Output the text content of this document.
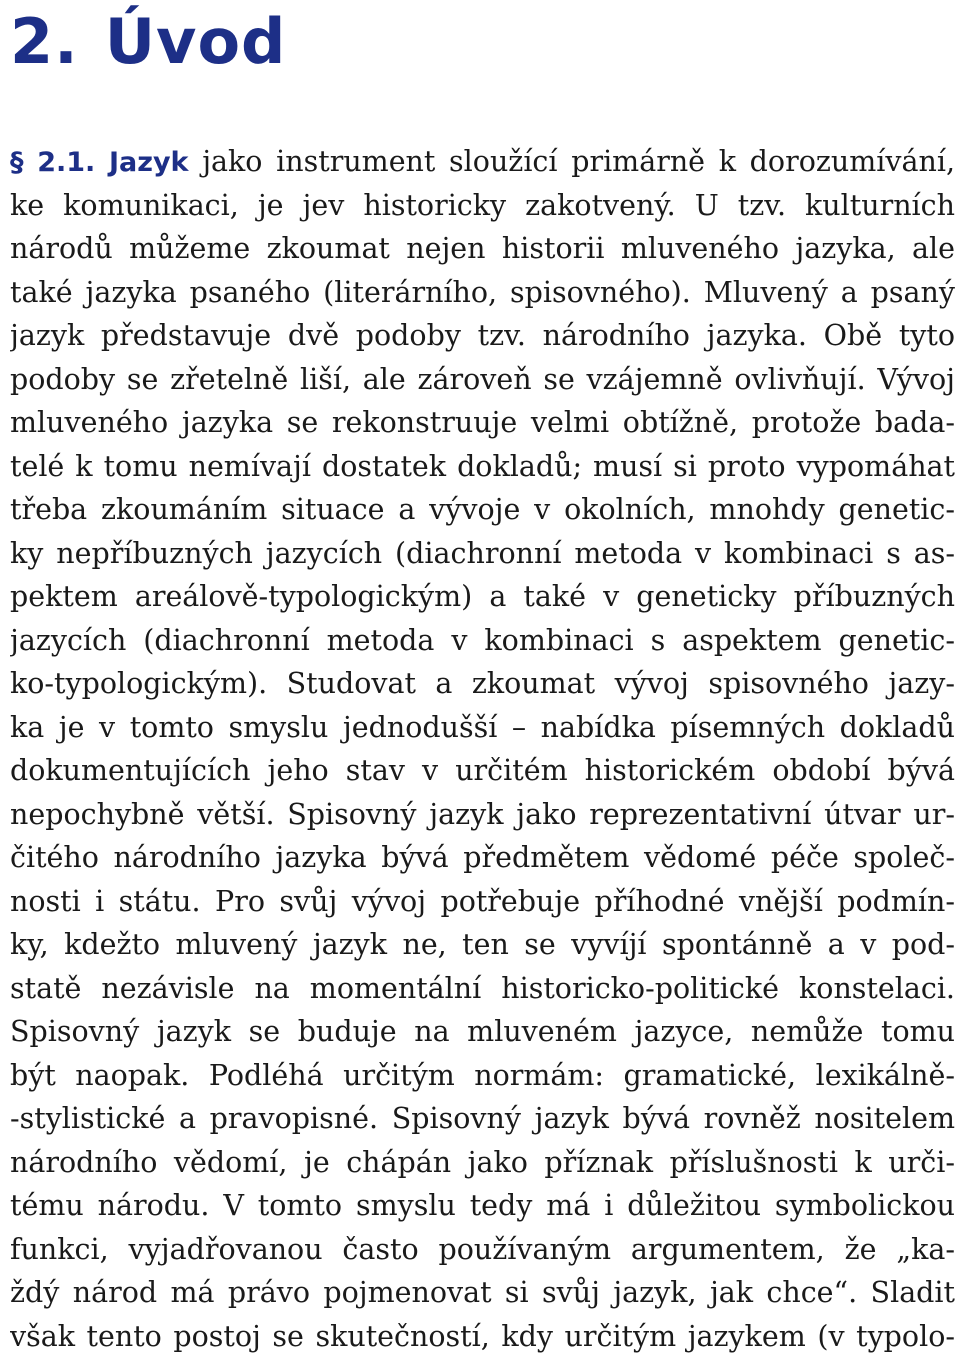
2. Úvod
§ 2.1. Jazyk jako instrument sloužící primárně k dorozumívání,
ke komunikaci, je jev historicky zakotvený. U tzv. kulturních
národů můžeme zkoumat nejen historii mluveného jazyka, ale
také jazyka psaného (literárního, spisovného). Mluvený a psaný
jazyk představuje dvě podoby tzv. národního jazyka. Obě tyto
podoby se zřetelně liší, ale zároveň se vzájemně ovlivňují. Vývoj
mluveného jazyka se rekonstruuje velmi obtížně, protože bada-
telé k tomu nemívají dostatek dokladů; musí si proto vypomáhat
třeba zkoumáním situace a vývoje v okolních, mnohdy genetic-
ky nepříbuzných jazycích (diachronní metoda v kombinaci s as-
pektem areálově-typologickým) a také v geneticky příbuzných
jazycích (diachronní metoda v kombinaci s aspektem genetic-
ko-typologickým). Studovat a zkoumat vývoj spisovného jazy-
ka je v tomto smyslu jednodušší – nabídka písemných dokladů
dokumentujících jeho stav v určitém historickém období bývá
nepochybně větší. Spisovný jazyk jako reprezentativní útvar ur-
čitého národního jazyka bývá předmětem vědomé péče společ-
nosti i státu. Pro svůj vývoj potřebuje příhodné vnější podmín-
ky, kdežto mluvený jazyk ne, ten se vyvíjí spontánně a v pod-
statě nezávisle na momentální historicko-politické konstelaci.
Spisovný jazyk se buduje na mluveném jazyce, nemůže tomu
být naopak. Podléhá určitým normám: gramatické, lexikálně-
-stylistické a pravopisné. Spisovný jazyk bývá rovněž nositelem
národního vědomí, je chápán jako příznak příslušnosti k urči-
tému národu. V tomto smyslu tedy má i důležitou symbolickou
funkci, vyjadřovanou často používaným argumentem, že „ka-
ždý národ má právo pojmenovat si svůj jazyk, jak chce“. Sladit
však tento postoj se skutečností, kdy určitým jazykem (v typolo-
